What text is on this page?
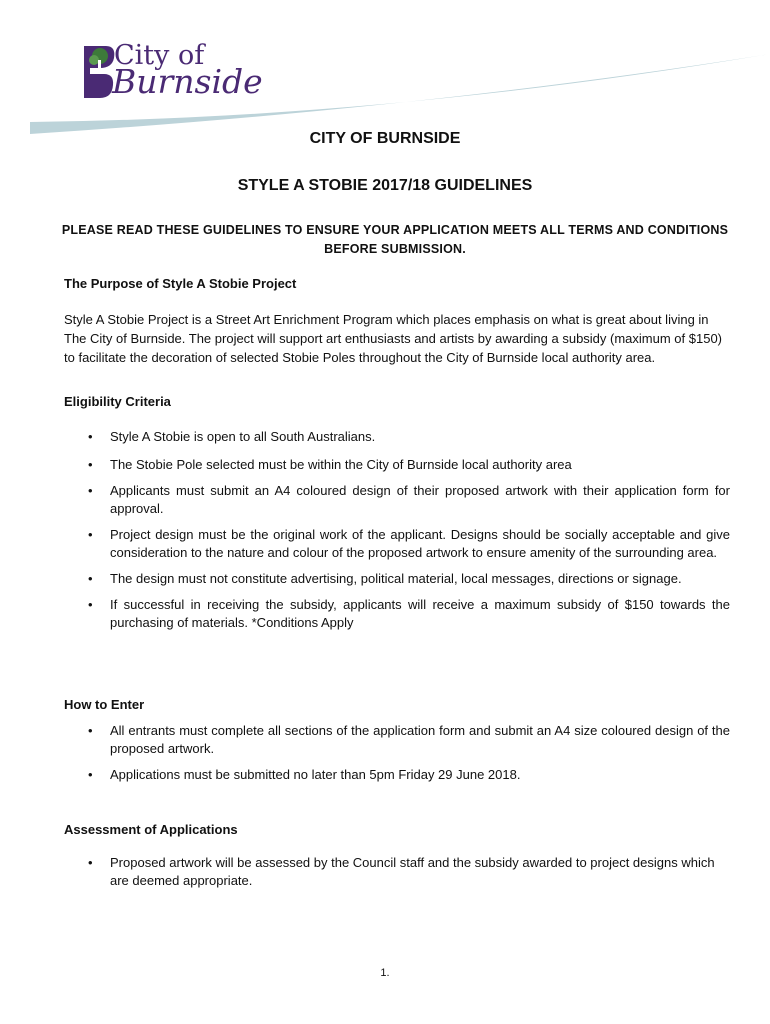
City of
Burnside
CITY OF BURNSIDE
STYLE A STOBIE 2017/18 GUIDELINES
PLEASE READ THESE GUIDELINES TO ENSURE YOUR APPLICATION MEETS ALL TERMS AND CONDITIONS BEFORE SUBMISSION.
The Purpose of Style A Stobie Project

Style A Stobie Project is a Street Art Enrichment Program which places emphasis on what is great about living in The City of Burnside. The project will support art enthusiasts and artists by awarding a subsidy (maximum of $150) to facilitate the decoration of selected Stobie Poles throughout the City of Burnside local authority area.

Eligibility Criteria
• Style A Stobie is open to all South Australians.
• The Stobie Pole selected must be within the City of Burnside local authority area
• Applicants must submit an A4 coloured design of their proposed artwork with their application form for approval.
• Project design must be the original work of the applicant. Designs should be socially acceptable and give consideration to the nature and colour of the proposed artwork to ensure amenity of the surrounding area.
• The design must not constitute advertising, political material, local messages, directions or signage.
• If successful in receiving the subsidy, applicants will receive a maximum subsidy of $150 towards the purchasing of materials. *Conditions Apply
How to Enter
• All entrants must complete all sections of the application form and submit an A4 size coloured design of the proposed artwork.
• Applications must be submitted no later than 5pm Friday 29 June 2018.
Assessment of Applications
• Proposed artwork will be assessed by the Council staff and the subsidy awarded to project designs which are deemed appropriate.
1.
